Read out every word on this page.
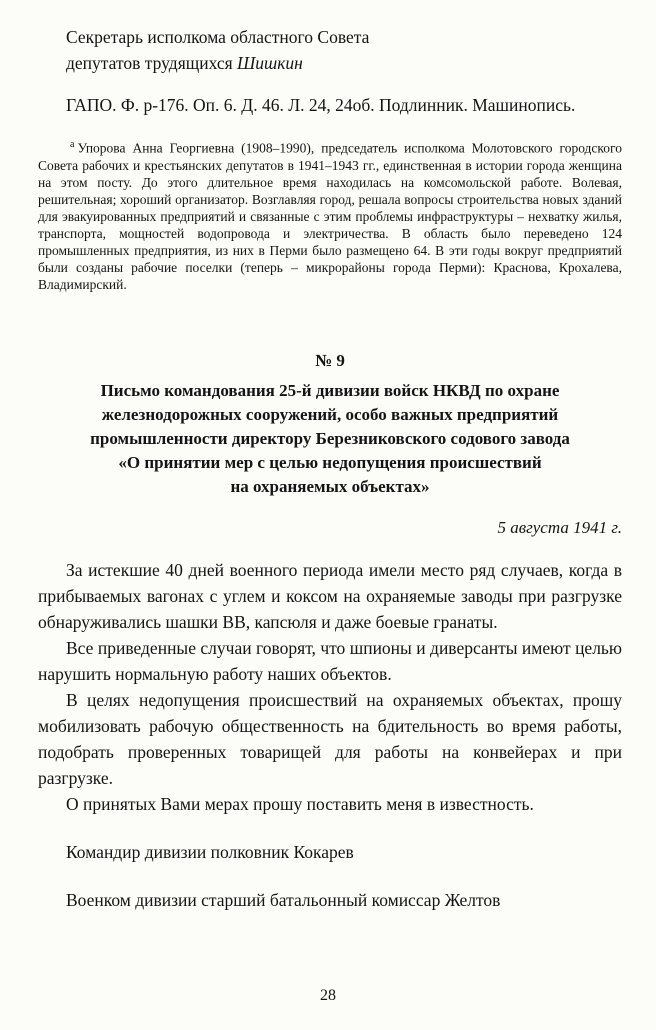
Секретарь исполкома областного Совета
депутатов трудящихся Шишкин

ГАПО. Ф. р-176. Оп. 6. Д. 46. Л. 24, 24об. Подлинник. Машинопись.

$^а$ Упорова Анна Георгиевна (1908–1990), председатель исполкома Молотовского городского Совета рабочих и крестьянских депутатов в 1941–1943 гг., единственная в истории города женщина на этом посту. До этого длительное время находилась на комсомольской работе. Волевая, решительная; хороший организатор. Возглавляя город, решала вопросы строительства новых зданий для эвакуированных предприятий и связанные с этим проблемы инфраструктуры – нехватку жилья, транспорта, мощностей водопровода и электричества. В область было переведено 124 промышленных предприятия, из них в Перми было размещено 64. В эти годы вокруг предприятий были созданы рабочие поселки (теперь – микрорайоны города Перми): Краснова, Крохалева, Владимирский.
№ 9
Письмо командования 25-й дивизии войск НКВД по охране
железнодорожных сооружений, особо важных предприятий
промышленности директору Березниковского содового завода
«О принятии мер с целью недопущения происшествий
на охраняемых объектах»
5 августа 1941 г.

За истекшие 40 дней военного периода имели место ряд случаев, когда в прибываемых вагонах с углем и коксом на охраняемые заводы при разгрузке обнаруживались шашки ВВ, капсюля и даже боевые гранаты.

Все приведенные случаи говорят, что шпионы и диверсанты имеют целью нарушить нормальную работу наших объектов.

В целях недопущения происшествий на охраняемых объектах, прошу мобилизовать рабочую общественность на бдительность во время работы, подобрать проверенных товарищей для работы на конвейерах и при разгрузке.

О принятых Вами мерах прошу поставить меня в известность.

Командир дивизии полковник Кокарев

Военком дивизии старший батальонный комиссар Желтов

28
